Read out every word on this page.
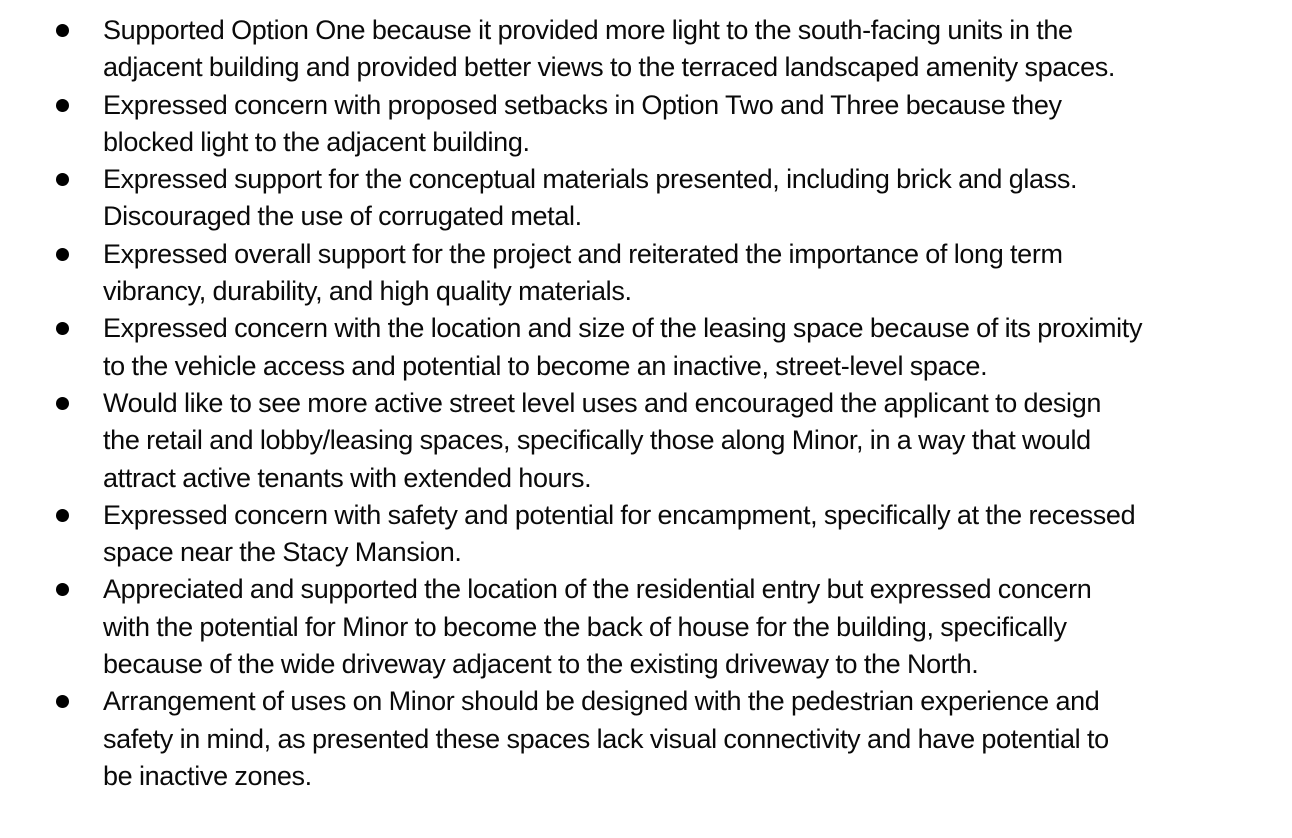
Supported Option One because it provided more light to the south-facing units in the
adjacent building and provided better views to the terraced landscaped amenity spaces.
Expressed concern with proposed setbacks in Option Two and Three because they
blocked light to the adjacent building.
Expressed support for the conceptual materials presented, including brick and glass.
Discouraged the use of corrugated metal.
Expressed overall support for the project and reiterated the importance of long term
vibrancy, durability, and high quality materials.
Expressed concern with the location and size of the leasing space because of its proximity
to the vehicle access and potential to become an inactive, street-level space.
Would like to see more active street level uses and encouraged the applicant to design
the retail and lobby/leasing spaces, specifically those along Minor, in a way that would
attract active tenants with extended hours.
Expressed concern with safety and potential for encampment, specifically at the recessed
space near the Stacy Mansion.
Appreciated and supported the location of the residential entry but expressed concern
with the potential for Minor to become the back of house for the building, specifically
because of the wide driveway adjacent to the existing driveway to the North.
Arrangement of uses on Minor should be designed with the pedestrian experience and
safety in mind, as presented these spaces lack visual connectivity and have potential to
be inactive zones.
